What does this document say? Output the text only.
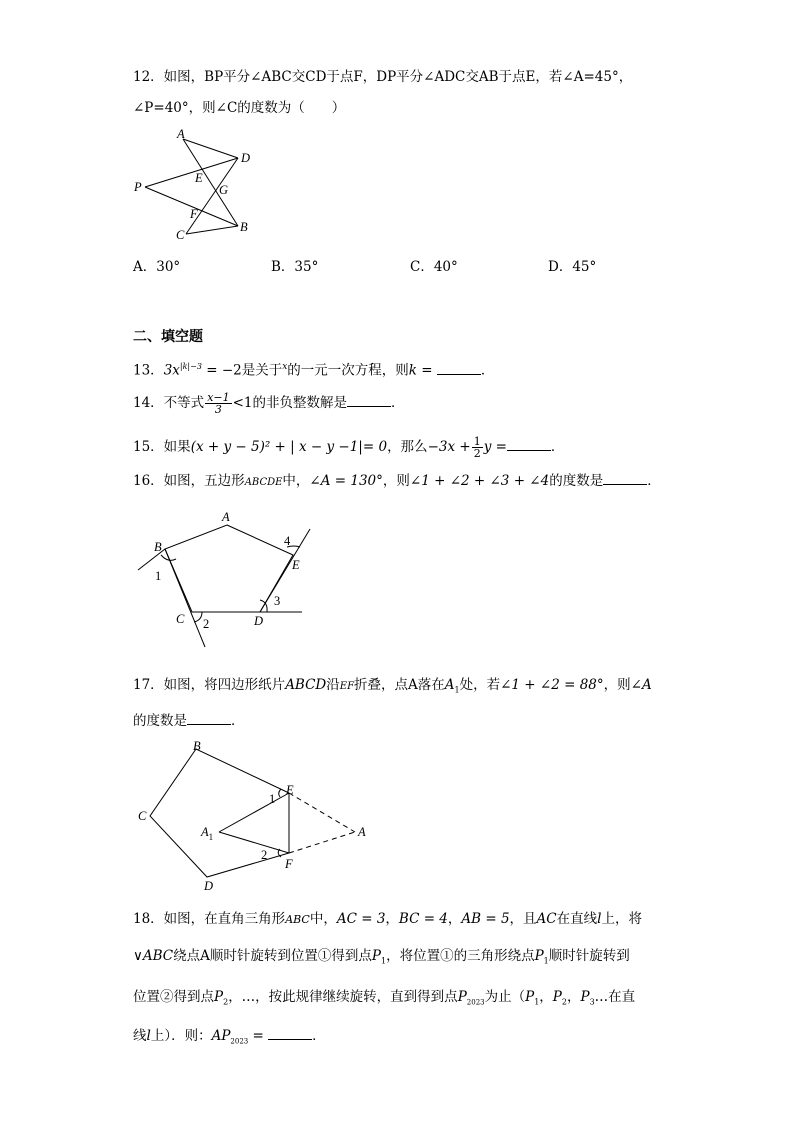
12．如图，BP平分∠ABC交CD于点F，DP平分∠ADC交AB于点E，若∠A=45°，
∠P=40°，则∠C的度数为（　　）
A
D
P
E
G
F
C
B
A．30°	B．35°	C．40°	D．45°
二、填空题
13．$3x^{|k|-3} = -2$是关于$^x$的一元一次方程，则k =	．
14．不等式 $\frac{x-1}{3} <1$的非负整数解是	．
15．如果(x + y − 5)² + | x − y −1|= 0，那么$-3x + \frac{1}{2}$ y =	．
16．如图，五边形ABCDE中，∠A = 130°，则∠1 + ∠2 + ∠3 + ∠4的度数是	．
A
B
C	D
E
1
2
3
4
17．如图，将四边形纸片ABCD沿EF折叠，点A落在$A_1$处，若∠1 + ∠2 = 88°，则∠A
的度数是	．
B
C
E
$A_1$	A
F
D
1
2
18．如图，在直角三角形ABC中，AC = 3，BC = 4，AB = 5，且AC在直线l上，将
∨ABC绕点A顺时针旋转到位置①得到点$P_1$，将位置①的三角形绕点$P_1$顺时针旋转到
位置②得到点$P_2$，…，按此规律继续旋转，直到得到点$P_{2023}$为止（$P_1$，$P_2$，$P_3\dots$在直
线l上）．则：$AP_{2023}$ =	．
